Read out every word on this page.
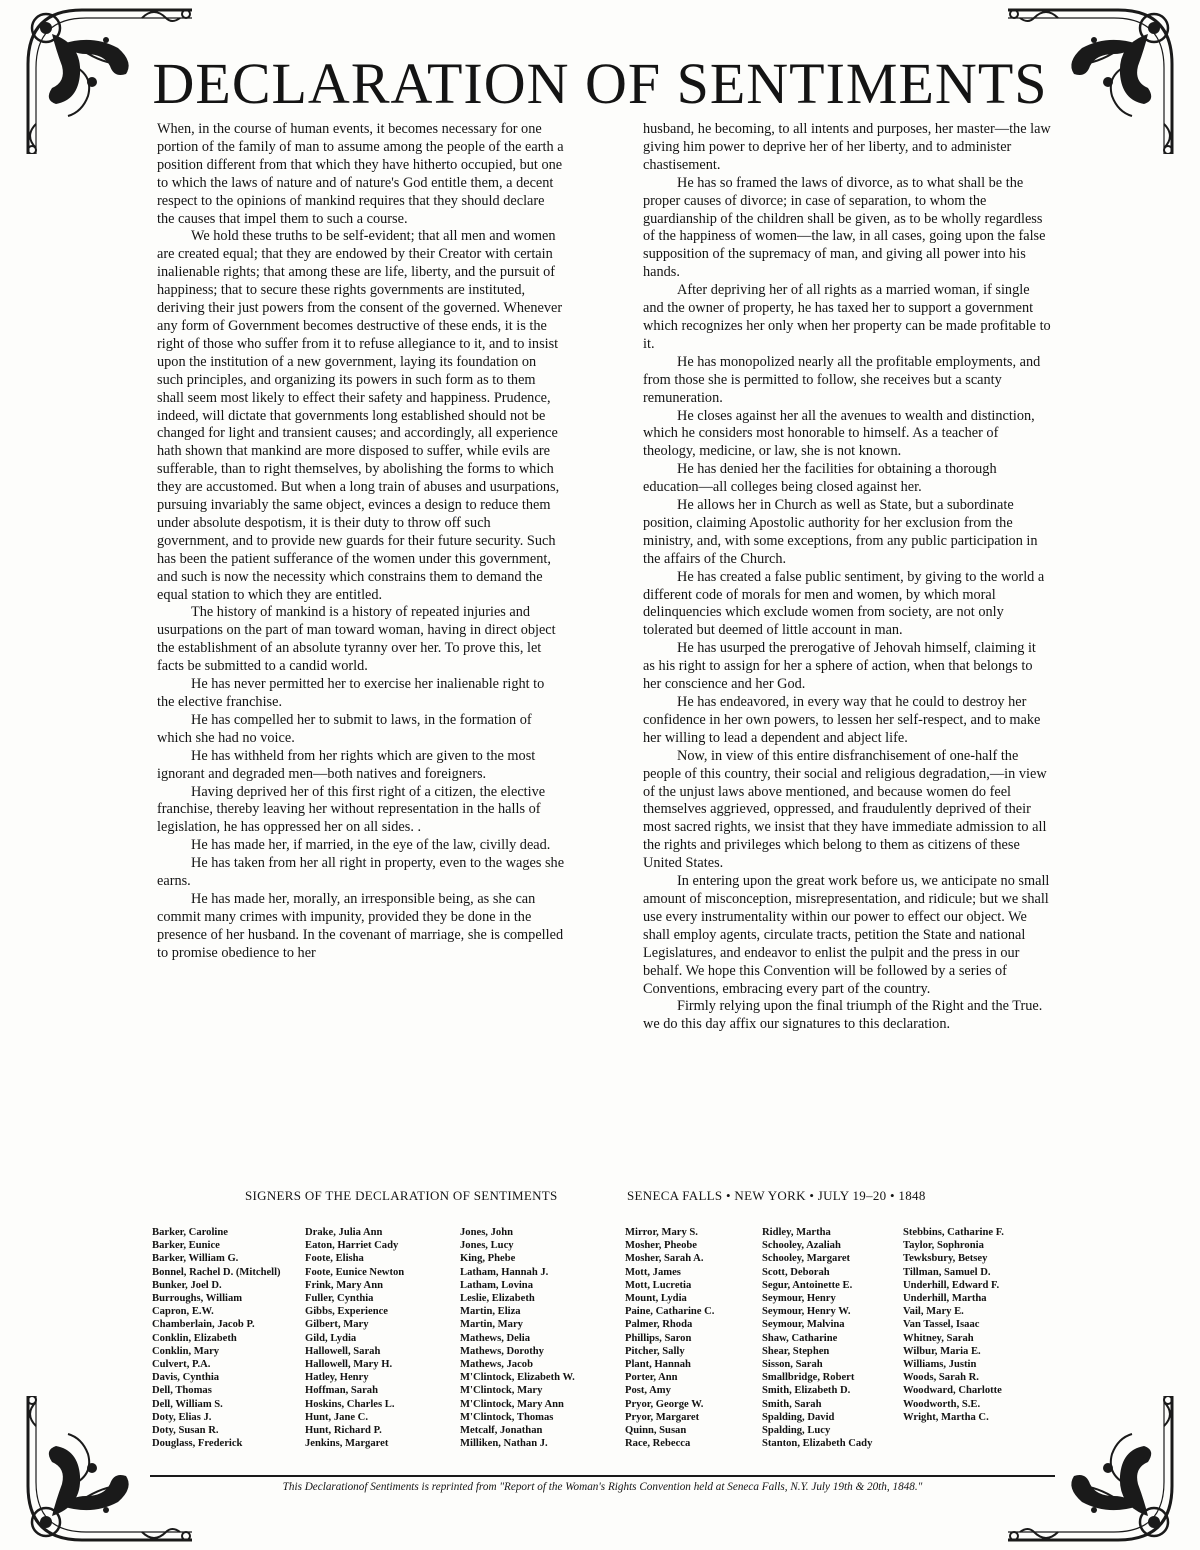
DECLARATION OF SENTIMENTS

When, in the course of human events, it becomes necessary for one portion of the family of man to assume among the people of the earth a position different from that which they have hitherto occupied, but one to which the laws of nature and of nature's God entitle them, a decent respect to the opinions of mankind requires that they should declare the causes that impel them to such a course.

We hold these truths to be self-evident; that all men and women are created equal; that they are endowed by their Creator with certain inalienable rights; that among these are life, liberty, and the pursuit of happiness; that to secure these rights governments are instituted, deriving their just powers from the consent of the governed. Whenever any form of Government becomes destructive of these ends, it is the right of those who suffer from it to refuse allegiance to it, and to insist upon the institution of a new government, laying its foundation on such principles, and organizing its powers in such form as to them shall seem most likely to effect their safety and happiness. Prudence, indeed, will dictate that governments long established should not be changed for light and transient causes; and accordingly, all experience hath shown that mankind are more disposed to suffer, while evils are sufferable, than to right themselves, by abolishing the forms to which they are accustomed. But when a long train of abuses and usurpations, pursuing invariably the same object, evinces a design to reduce them under absolute despotism, it is their duty to throw off such government, and to provide new guards for their future security. Such has been the patient sufferance of the women under this government, and such is now the necessity which constrains them to demand the equal station to which they are entitled.

The history of mankind is a history of repeated injuries and usurpations on the part of man toward woman, having in direct object the establishment of an absolute tyranny over her. To prove this, let facts be submitted to a candid world.

He has never permitted her to exercise her inalienable right to the elective franchise.

He has compelled her to submit to laws, in the formation of which she had no voice.

He has withheld from her rights which are given to the most ignorant and degraded men—both natives and foreigners.

Having deprived her of this first right of a citizen, the elective franchise, thereby leaving her without representation in the halls of legislation, he has oppressed her on all sides. .

He has made her, if married, in the eye of the law, civilly dead.

He has taken from her all right in property, even to the wages she earns.

He has made her, morally, an irresponsible being, as she can commit many crimes with impunity, provided they be done in the presence of her husband. In the covenant of marriage, she is compelled to promise obedience to her

husband, he becoming, to all intents and purposes, her master—the law giving him power to deprive her of her liberty, and to administer chastisement.

He has so framed the laws of divorce, as to what shall be the proper causes of divorce; in case of separation, to whom the guardianship of the children shall be given, as to be wholly regardless of the happiness of women—the law, in all cases, going upon the false supposition of the supremacy of man, and giving all power into his hands.

After depriving her of all rights as a married woman, if single and the owner of property, he has taxed her to support a government which recognizes her only when her property can be made profitable to it.

He has monopolized nearly all the profitable employments, and from those she is permitted to follow, she receives but a scanty remuneration.

He closes against her all the avenues to wealth and distinction, which he considers most honorable to himself. As a teacher of theology, medicine, or law, she is not known.

He has denied her the facilities for obtaining a thorough education—all colleges being closed against her.

He allows her in Church as well as State, but a subordinate position, claiming Apostolic authority for her exclusion from the ministry, and, with some exceptions, from any public participation in the affairs of the Church.

He has created a false public sentiment, by giving to the world a different code of morals for men and women, by which moral delinquencies which exclude women from society, are not only tolerated but deemed of little account in man.

He has usurped the prerogative of Jehovah himself, claiming it as his right to assign for her a sphere of action, when that belongs to her conscience and her God.

He has endeavored, in every way that he could to destroy her confidence in her own powers, to lessen her self-respect, and to make her willing to lead a dependent and abject life.

Now, in view of this entire disfranchisement of one-half the people of this country, their social and religious degradation,—in view of the unjust laws above mentioned, and because women do feel themselves aggrieved, oppressed, and fraudulently deprived of their most sacred rights, we insist that they have immediate admission to all the rights and privileges which belong to them as citizens of these United States.

In entering upon the great work before us, we anticipate no small amount of misconception, misrepresentation, and ridicule; but we shall use every instrumentality within our power to effect our object. We shall employ agents, circulate tracts, petition the State and national Legislatures, and endeavor to enlist the pulpit and the press in our behalf. We hope this Convention will be followed by a series of Conventions, embracing every part of the country.

Firmly relying upon the final triumph of the Right and the True. we do this day affix our signatures to this declaration.

SIGNERS OF THE DECLARATION OF SENTIMENTS	SENECA FALLS • NEW YORK • JULY 19–20 • 1848
Barker, Caroline
Barker, Eunice
Barker, William G.
Bonnel, Rachel D. (Mitchell)
Bunker, Joel D.
Burroughs, William
Capron, E.W.
Chamberlain, Jacob P.
Conklin, Elizabeth
Conklin, Mary
Culvert, P.A.
Davis, Cynthia
Dell, Thomas
Dell, William S.
Doty, Elias J.
Doty, Susan R.
Douglass, Frederick
Drake, Julia Ann
Eaton, Harriet Cady
Foote, Elisha
Foote, Eunice Newton
Frink, Mary Ann
Fuller, Cynthia
Gibbs, Experience
Gilbert, Mary
Gild, Lydia
Hallowell, Sarah
Hallowell, Mary H.
Hatley, Henry
Hoffman, Sarah
Hoskins, Charles L.
Hunt, Jane C.
Hunt, Richard P.
Jenkins, Margaret
Jones, John
Jones, Lucy
King, Phebe
Latham, Hannah J.
Latham, Lovina
Leslie, Elizabeth
Martin, Eliza
Martin, Mary
Mathews, Delia
Mathews, Dorothy
Mathews, Jacob
M'Clintock, Elizabeth W.
M'Clintock, Mary
M'Clintock, Mary Ann
M'Clintock, Thomas
Metcalf, Jonathan
Milliken, Nathan J.
Mirror, Mary S.
Mosher, Pheobe
Mosher, Sarah A.
Mott, James
Mott, Lucretia
Mount, Lydia
Paine, Catharine C.
Palmer, Rhoda
Phillips, Saron
Pitcher, Sally
Plant, Hannah
Porter, Ann
Post, Amy
Pryor, George W.
Pryor, Margaret
Quinn, Susan
Race, Rebecca
Ridley, Martha
Schooley, Azaliah
Schooley, Margaret
Scott, Deborah
Segur, Antoinette E.
Seymour, Henry
Seymour, Henry W.
Seymour, Malvina
Shaw, Catharine
Shear, Stephen
Sisson, Sarah
Smallbridge, Robert
Smith, Elizabeth D.
Smith, Sarah
Spalding, David
Spalding, Lucy
Stanton, Elizabeth Cady
Stebbins, Catharine F.
Taylor, Sophronia
Tewksbury, Betsey
Tillman, Samuel D.
Underhill, Edward F.
Underhill, Martha
Vail, Mary E.
Van Tassel, Isaac
Whitney, Sarah
Wilbur, Maria E.
Williams, Justin
Woods, Sarah R.
Woodward, Charlotte
Woodworth, S.E.
Wright, Martha C.
This Declarationof Sentiments is reprinted from "Report of the Woman's Rights Convention held at Seneca Falls, N.Y. July 19th & 20th, 1848."
